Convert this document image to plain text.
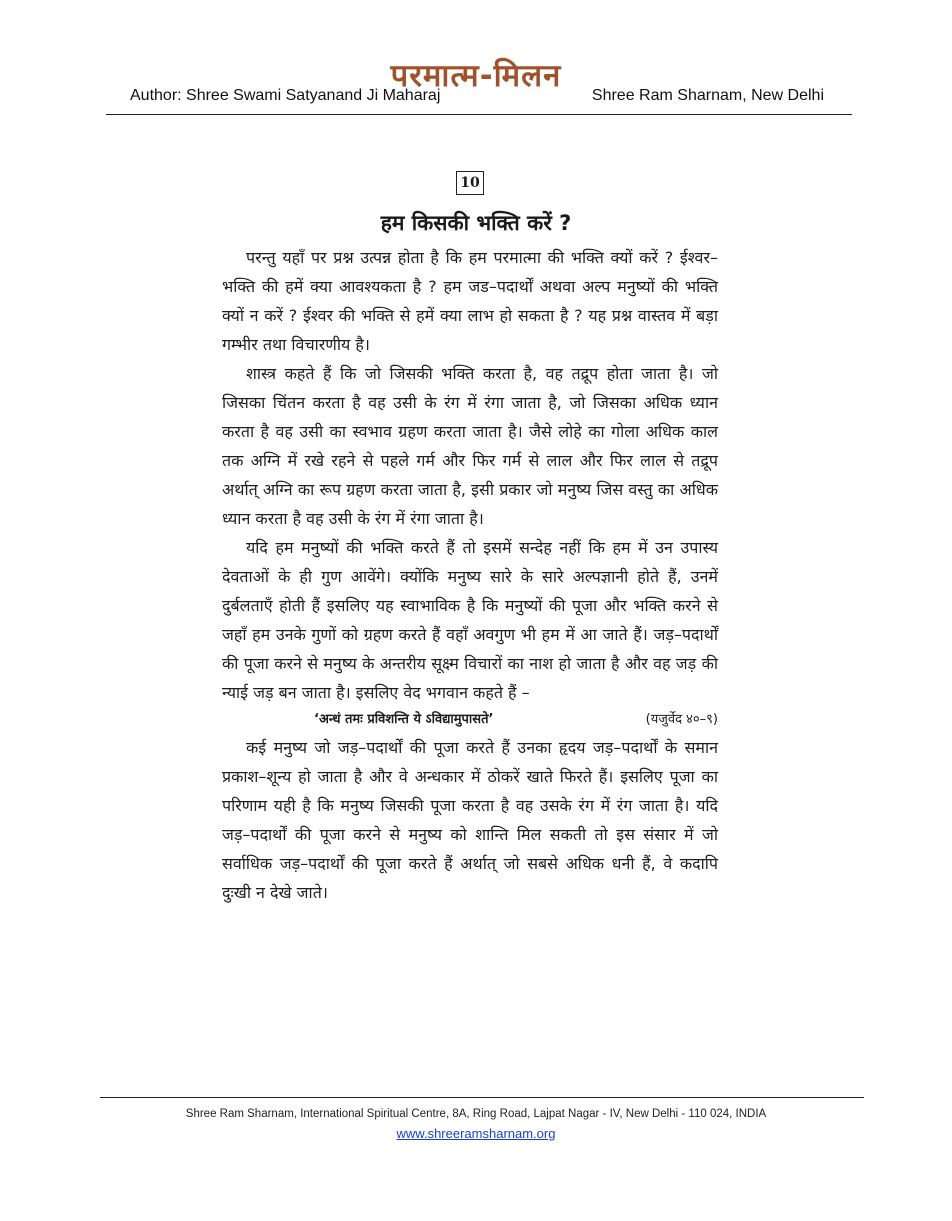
परमात्म-मिलन
Author: Shree Swami Satyanand Ji Maharaj	Shree Ram Sharnam, New Delhi
10
हम किसकी भक्ति करें ?

परन्तु यहाँ पर प्रश्न उत्पन्न होता है कि हम परमात्मा की भक्ति क्यों करें ? ईश्वर–भक्ति की हमें क्या आवश्यकता है ? हम जड–पदार्थों अथवा अल्प मनुष्यों की भक्ति क्यों न करें ? ईश्वर की भक्ति से हमें क्या लाभ हो सकता है ? यह प्रश्न वास्तव में बड़ा गम्भीर तथा विचारणीय है।

शास्त्र कहते हैं कि जो जिसकी भक्ति करता है, वह तद्रूप होता जाता है। जो जिसका चिंतन करता है वह उसी के रंग में रंगा जाता है, जो जिसका अधिक ध्यान करता है वह उसी का स्वभाव ग्रहण करता जाता है। जैसे लोहे का गोला अधिक काल तक अग्नि में रखे रहने से पहले गर्म और फिर गर्म से लाल और फिर लाल से तद्रूप अर्थात् अग्नि का रूप ग्रहण करता जाता है, इसी प्रकार जो मनुष्य जिस वस्तु का अधिक ध्यान करता है वह उसी के रंग में रंगा जाता है।

यदि हम मनुष्यों की भक्ति करते हैं तो इसमें सन्देह नहीं कि हम में उन उपास्य देवताओं के ही गुण आवेंगे। क्योंकि मनुष्य सारे के सारे अल्पज्ञानी होते हैं, उनमें दुर्बलताएँ होती हैं इसलिए यह स्वाभाविक है कि मनुष्यों की पूजा और भक्ति करने से जहाँ हम उनके गुणों को ग्रहण करते हैं वहाँ अवगुण भी हम में आ जाते हैं। जड़–पदार्थों की पूजा करने से मनुष्य के अन्तरीय सूक्ष्म विचारों का नाश हो जाता है और वह जड़ की न्याई जड़ बन जाता है। इसलिए वेद भगवान कहते हैं –

‘अन्धं तमः प्रविशन्ति ये ऽविद्यामुपासते’	(यजुर्वेद ४०–९)

कई मनुष्य जो जड़–पदार्थों की पूजा करते हैं उनका हृदय जड़–पदार्थों के समान प्रकाश–शून्य हो जाता है और वे अन्धकार में ठोकरें खाते फिरते हैं। इसलिए पूजा का परिणाम यही है कि मनुष्य जिसकी पूजा करता है वह उसके रंग में रंग जाता है। यदि जड़–पदार्थों की पूजा करने से मनुष्य को शान्ति मिल सकती तो इस संसार में जो सर्वाधिक जड़–पदार्थों की पूजा करते हैं अर्थात् जो सबसे अधिक धनी हैं, वे कदापि दुःखी न देखे जाते।

Shree Ram Sharnam, International Spiritual Centre, 8A, Ring Road, Lajpat Nagar - IV, New Delhi - 110 024, INDIA
www.shreeramsharnam.org
